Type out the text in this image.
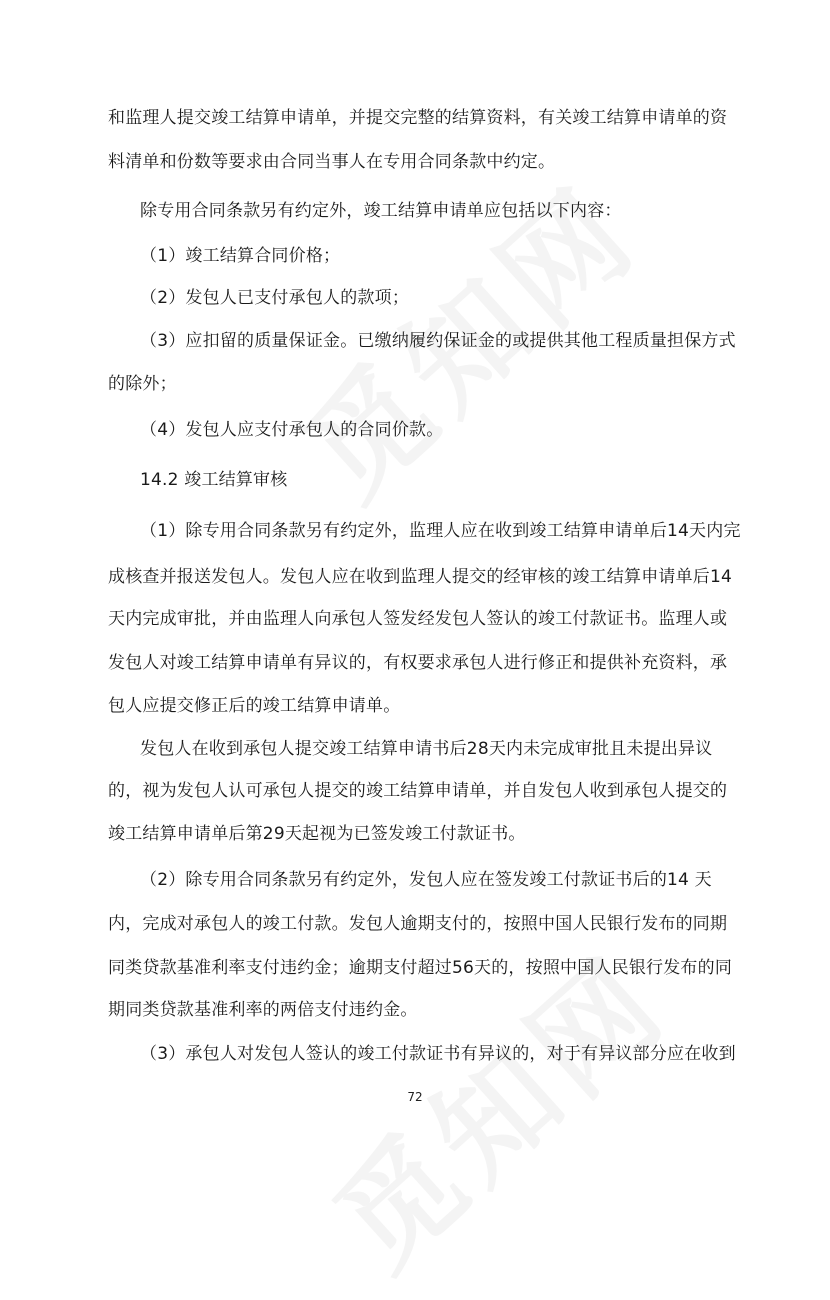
和监理人提交竣工结算申请单，并提交完整的结算资料，有关竣工结算申请单的资
料清单和份数等要求由合同当事人在专用合同条款中约定。
除专用合同条款另有约定外，竣工结算申请单应包括以下内容：
（1）竣工结算合同价格；
（2）发包人已支付承包人的款项；
（3）应扣留的质量保证金。已缴纳履约保证金的或提供其他工程质量担保方式
的除外；
（4）发包人应支付承包人的合同价款。
14.2 竣工结算审核
（1）除专用合同条款另有约定外，监理人应在收到竣工结算申请单后14天内完
成核查并报送发包人。发包人应在收到监理人提交的经审核的竣工结算申请单后14
天内完成审批，并由监理人向承包人签发经发包人签认的竣工付款证书。监理人或
发包人对竣工结算申请单有异议的，有权要求承包人进行修正和提供补充资料，承
包人应提交修正后的竣工结算申请单。
发包人在收到承包人提交竣工结算申请书后28天内未完成审批且未提出异议
的，视为发包人认可承包人提交的竣工结算申请单，并自发包人收到承包人提交的
竣工结算申请单后第29天起视为已签发竣工付款证书。
（2）除专用合同条款另有约定外，发包人应在签发竣工付款证书后的14 天
内，完成对承包人的竣工付款。发包人逾期支付的，按照中国人民银行发布的同期
同类贷款基准利率支付违约金；逾期支付超过56天的，按照中国人民银行发布的同
期同类贷款基准利率的两倍支付违约金。
（3）承包人对发包人签认的竣工付款证书有异议的，对于有异议部分应在收到
72
